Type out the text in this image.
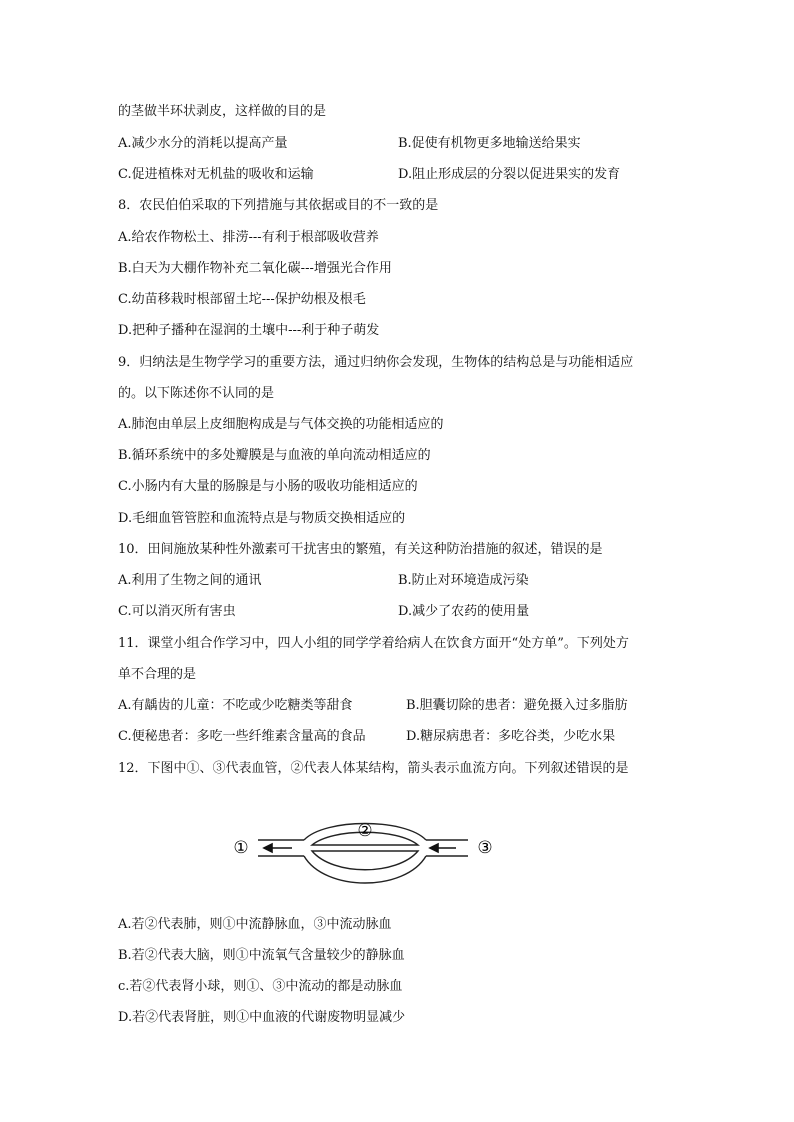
的茎做半环状剥皮，这样做的目的是
A.减少水分的消耗以提高产量	B.促使有机物更多地输送给果实
C.促进植株对无机盐的吸收和运输	D.阻止形成层的分裂以促进果实的发育
8．农民伯伯采取的下列措施与其依据或目的不一致的是
A.给农作物松土、排涝---有利于根部吸收营养
B.白天为大棚作物补充二氧化碳---增强光合作用
C.幼苗移栽时根部留土坨---保护幼根及根毛
D.把种子播种在湿润的土壤中---利于种子萌发
9．归纳法是生物学学习的重要方法，通过归纳你会发现，生物体的结构总是与功能相适应
的。以下陈述你不认同的是
A.肺泡由单层上皮细胞构成是与气体交换的功能相适应的
B.循环系统中的多处瓣膜是与血液的单向流动相适应的
C.小肠内有大量的肠腺是与小肠的吸收功能相适应的
D.毛细血管管腔和血流特点是与物质交换相适应的
10．田间施放某种性外激素可干扰害虫的繁殖，有关这种防治措施的叙述，错误的是
A.利用了生物之间的通讯	B.防止对环境造成污染
C.可以消灭所有害虫	D.减少了农药的使用量
11．课堂小组合作学习中，四人小组的同学学着给病人在饮食方面开“处方单”。下列处方
单不合理的是
A.有龋齿的儿童：不吃或少吃糖类等甜食	B.胆囊切除的患者：避免摄入过多脂肪
C.便秘患者：多吃一些纤维素含量高的食品	D.糖尿病患者：多吃谷类，少吃水果
12．下图中①、③代表血管，②代表人体某结构，箭头表示血流方向。下列叙述错误的是
①
②
③
A.若②代表肺，则①中流静脉血，③中流动脉血
B.若②代表大脑，则①中流氧气含量较少的静脉血
c.若②代表肾小球，则①、③中流动的都是动脉血
D.若②代表肾脏，则①中血液的代谢废物明显减少
